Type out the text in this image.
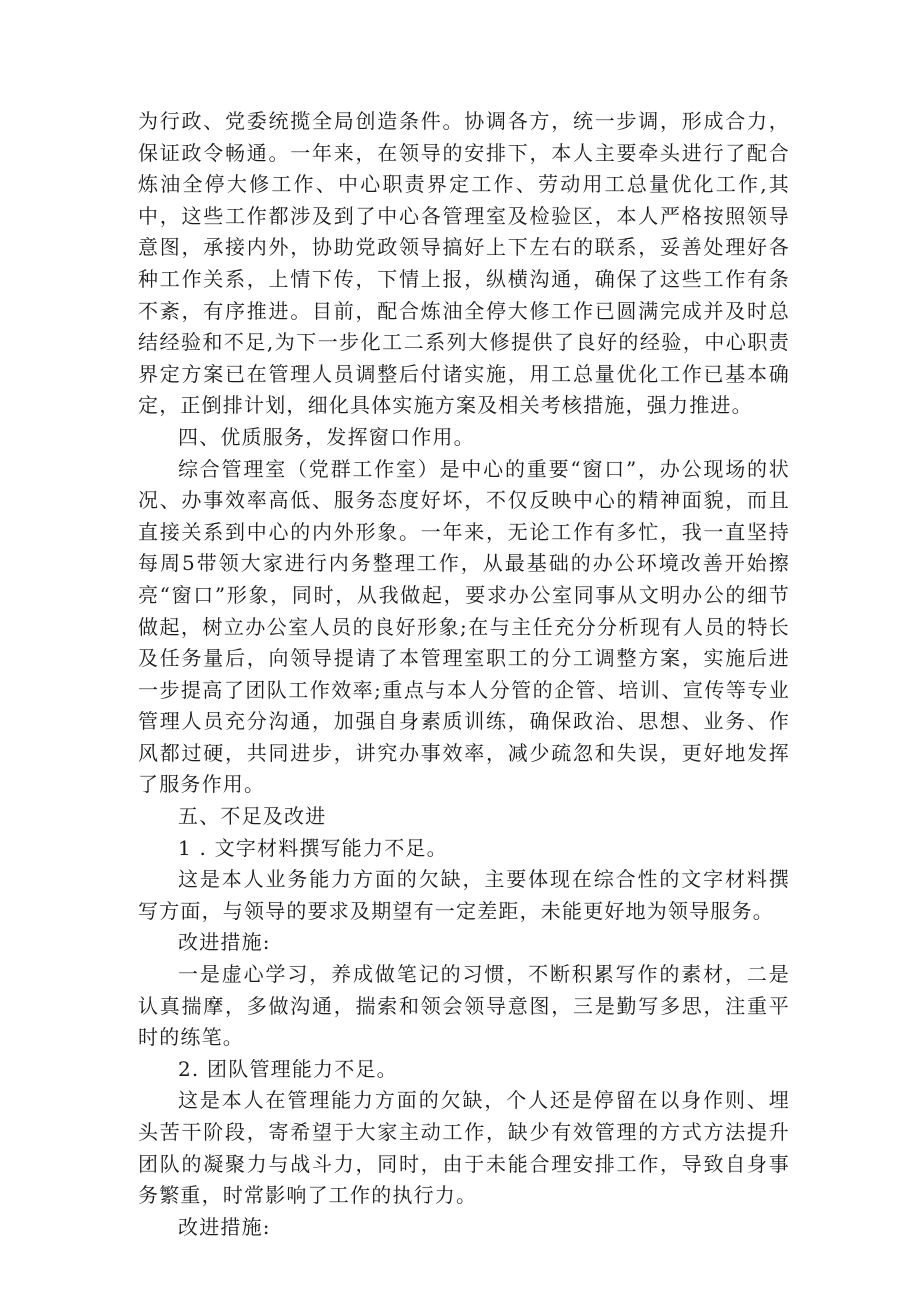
为行政、党委统揽全局创造条件。协调各方，统一步调，形成合力，保证政令畅通。一年来，在领导的安排下，本人主要牵头进行了配合炼油全停大修工作、中心职责界定工作、劳动用工总量优化工作,其中，这些工作都涉及到了中心各管理室及检验区，本人严格按照领导意图，承接内外，协助党政领导搞好上下左右的联系，妥善处理好各种工作关系，上情下传，下情上报，纵横沟通，确保了这些工作有条不紊，有序推进。目前，配合炼油全停大修工作已圆满完成并及时总结经验和不足,为下一步化工二系列大修提供了良好的经验，中心职责界定方案已在管理人员调整后付诸实施，用工总量优化工作已基本确定，正倒排计划，细化具体实施方案及相关考核措施，强力推进。

四、优质服务，发挥窗口作用。

综合管理室（党群工作室）是中心的重要“窗口”，办公现场的状况、办事效率高低、服务态度好坏，不仅反映中心的精神面貌，而且直接关系到中心的内外形象。一年来，无论工作有多忙，我一直坚持每周5带领大家进行内务整理工作，从最基础的办公环境改善开始擦亮“窗口”形象，同时，从我做起，要求办公室同事从文明办公的细节做起，树立办公室人员的良好形象;在与主任充分分析现有人员的特长及任务量后，向领导提请了本管理室职工的分工调整方案，实施后进一步提高了团队工作效率;重点与本人分管的企管、培训、宣传等专业管理人员充分沟通，加强自身素质训练，确保政治、思想、业务、作风都过硬，共同进步，讲究办事效率，减少疏忽和失误，更好地发挥了服务作用。

五、不足及改进

1 . 文字材料撰写能力不足。

这是本人业务能力方面的欠缺，主要体现在综合性的文字材料撰写方面，与领导的要求及期望有一定差距，未能更好地为领导服务。

改进措施:

一是虚心学习，养成做笔记的习惯，不断积累写作的素材，二是认真揣摩，多做沟通，揣索和领会领导意图，三是勤写多思，注重平时的练笔。

2. 团队管理能力不足。

这是本人在管理能力方面的欠缺，个人还是停留在以身作则、埋头苦干阶段，寄希望于大家主动工作，缺少有效管理的方式方法提升团队的凝聚力与战斗力，同时，由于未能合理安排工作，导致自身事务繁重，时常影响了工作的执行力。

改进措施:
